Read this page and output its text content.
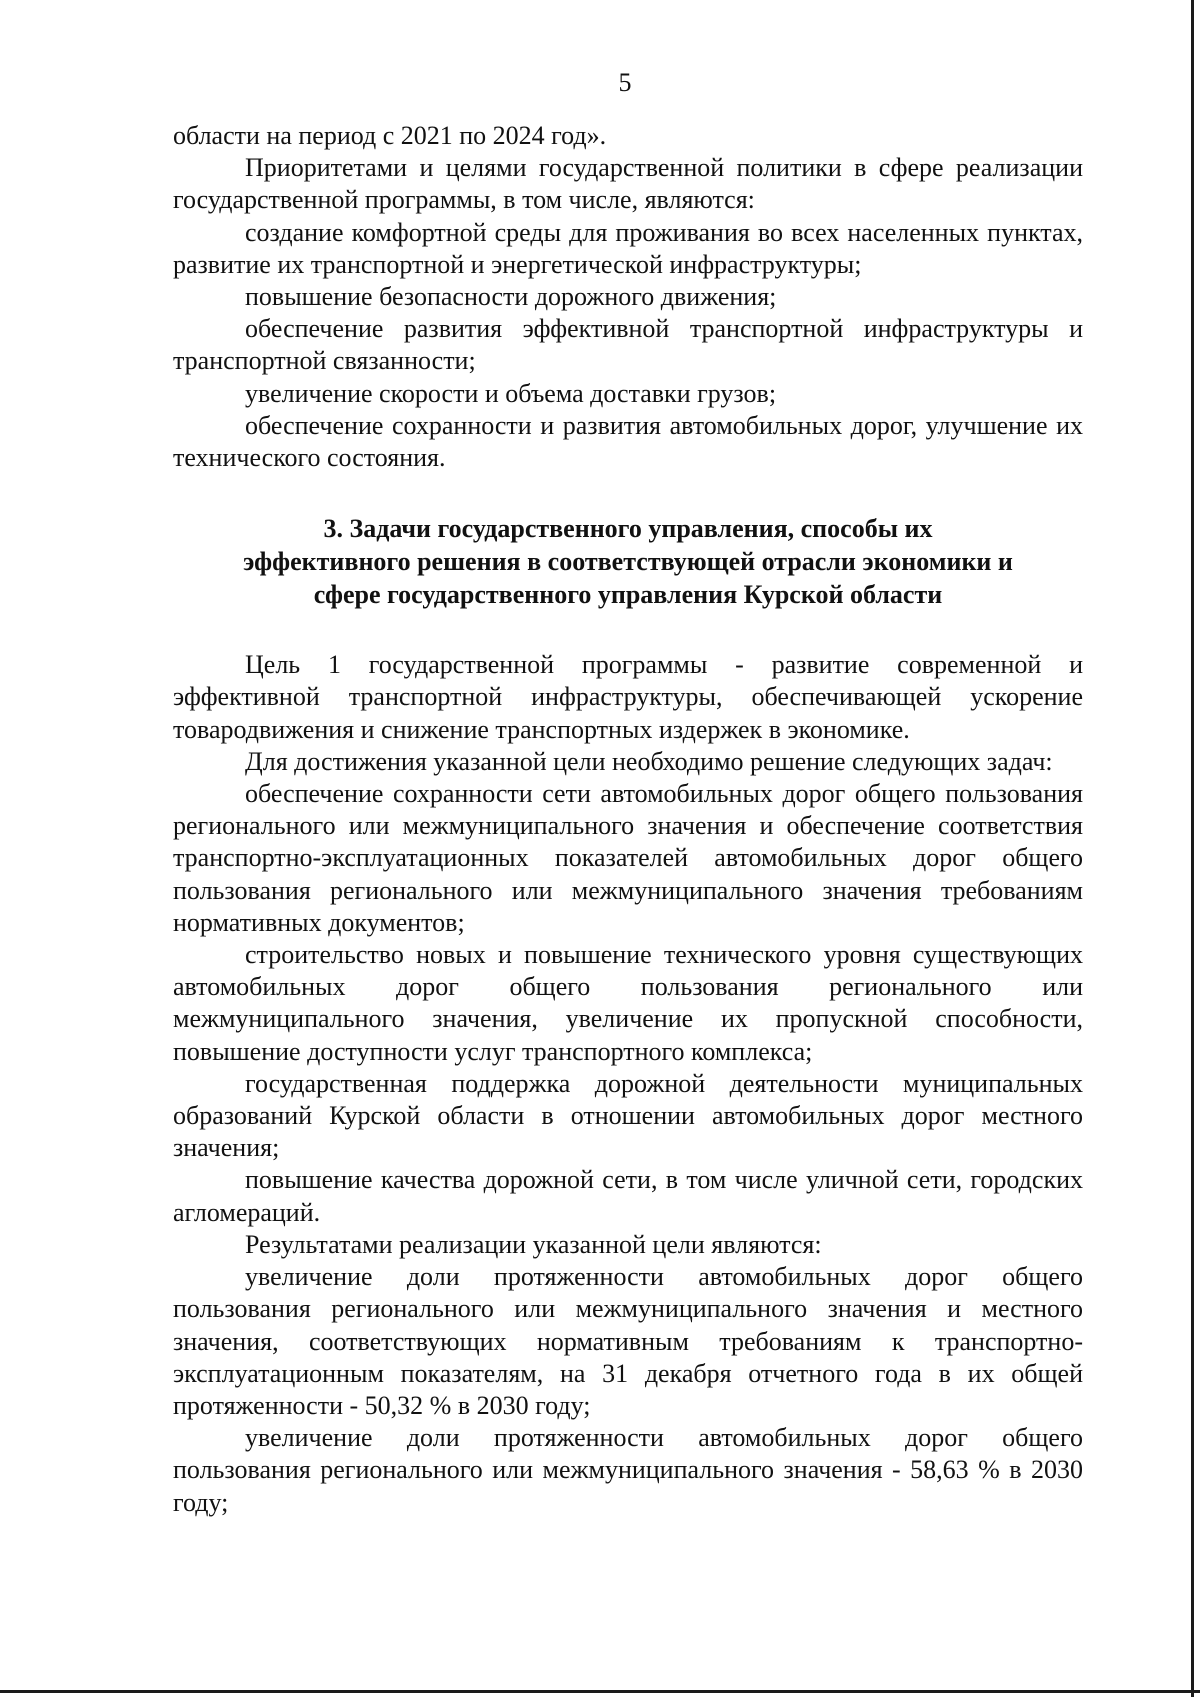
5

области на период с 2021 по 2024 год».

Приоритетами и целями государственной политики в сфере реализации государственной программы, в том числе, являются:

создание комфортной среды для проживания во всех населенных пунктах, развитие их транспортной и энергетической инфраструктуры;

повышение безопасности дорожного движения;

обеспечение развития эффективной транспортной инфраструктуры и транспортной связанности;

увеличение скорости и объема доставки грузов;

обеспечение сохранности и развития автомобильных дорог, улучшение их технического состояния.

3. Задачи государственного управления, способы их
эффективного решения в соответствующей отрасли экономики и
сфере государственного управления Курской области

Цель 1 государственной программы - развитие современной и эффективной транспортной инфраструктуры, обеспечивающей ускорение товародвижения и снижение транспортных издержек в экономике.

Для достижения указанной цели необходимо решение следующих задач:

обеспечение сохранности сети автомобильных дорог общего пользования регионального или межмуниципального значения и обеспечение соответствия транспортно-эксплуатационных показателей автомобильных дорог общего пользования регионального или межмуниципального значения требованиям нормативных документов;

строительство новых и повышение технического уровня существующих автомобильных дорог общего пользования регионального или межмуниципального значения, увеличение их пропускной способности, повышение доступности услуг транспортного комплекса;

государственная поддержка дорожной деятельности муниципальных образований Курской области в отношении автомобильных дорог местного значения;

повышение качества дорожной сети, в том числе уличной сети, городских агломераций.

Результатами реализации указанной цели являются:

увеличение доли протяженности автомобильных дорог общего пользования регионального или межмуниципального значения и местного значения, соответствующих нормативным требованиям к транспортно-эксплуатационным показателям, на 31 декабря отчетного года в их общей протяженности - 50,32 % в 2030 году;

увеличение доли протяженности автомобильных дорог общего пользования регионального или межмуниципального значения - 58,63 % в 2030 году;
